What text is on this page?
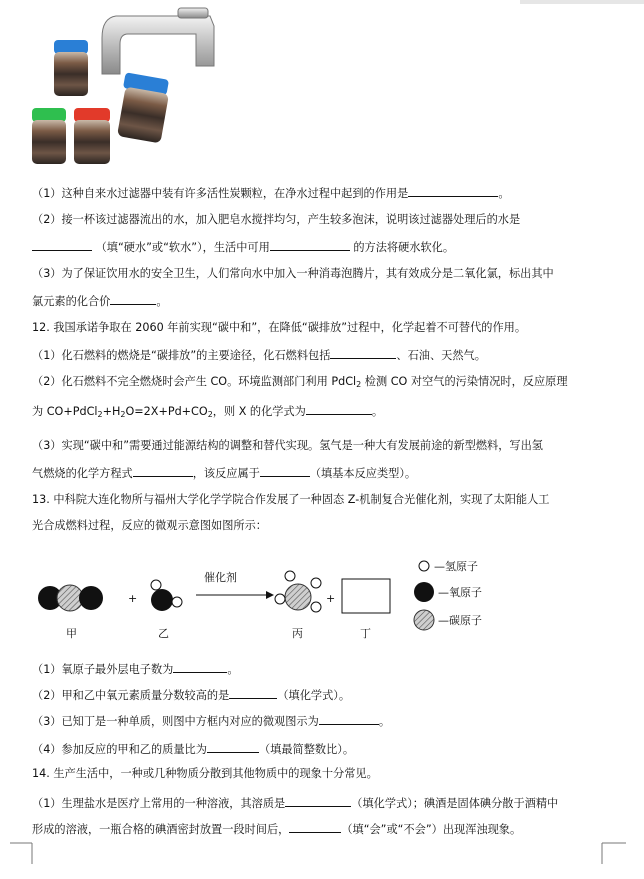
（1）这种自来水过滤器中装有许多活性炭颗粒，在净水过程中起到的作用是	。
（2）接一杯该过滤器流出的水，加入肥皂水搅拌均匀，产生较多泡沫，说明该过滤器处理后的水是
（填“硬水”或“软水”），生活中可用	的方法将硬水软化。
（3）为了保证饮用水的安全卫生，人们常向水中加入一种消毒泡腾片，其有效成分是二氧化氯，标出其中
氯元素的化合价	。
12. 我国承诺争取在 2060 年前实现“碳中和”，在降低“碳排放”过程中，化学起着不可替代的作用。
（1）化石燃料的燃烧是“碳排放”的主要途径，化石燃料包括	、石油、天然气。
（2）化石燃料不完全燃烧时会产生 CO。环境监测部门利用 PdCl$_2$ 检测 CO 对空气的污染情况时，反应原理
为 $CO+PdCl_2+H_2O=2X+Pd+CO_2$，则 X 的化学式为	。
（3）实现“碳中和”需要通过能源结构的调整和替代实现。氢气是一种大有发展前途的新型燃料，写出氢
气燃烧的化学方程式	，该反应属于	（填基本反应类型）。
13. 中科院大连化物所与福州大学化学学院合作发展了一种固态 Z-机制复合光催化剂，实现了太阳能人工
光合成燃料过程，反应的微观示意图如图所示：
+
催化剂
+
甲	乙	丙	丁
—氢原子
—氧原子
—碳原子
（1）氧原子最外层电子数为	。
（2）甲和乙中氧元素质量分数较高的是	（填化学式）。
（3）已知丁是一种单质，则图中方框内对应的微观图示为	。
（4）参加反应的甲和乙的质量比为	（填最简整数比）。
14. 生产生活中，一种或几种物质分散到其他物质中的现象十分常见。
（1）生理盐水是医疗上常用的一种溶液，其溶质是	（填化学式）；碘酒是固体碘分散于酒精中
形成的溶液，一瓶合格的碘酒密封放置一段时间后，	（填“会”或“不会”）出现浑浊现象。
